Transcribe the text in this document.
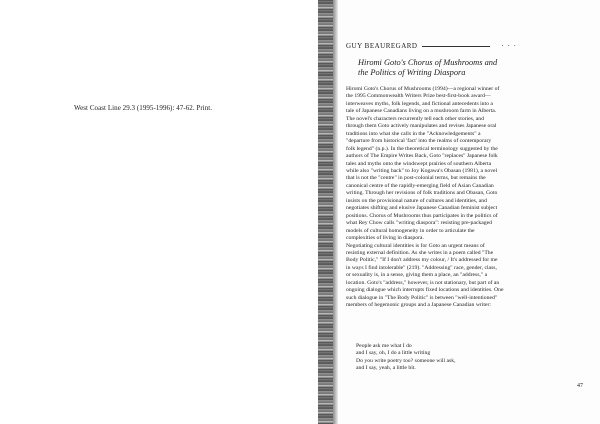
West Coast Line 29.3 (1995-1996): 47-62. Print.
GUY BEAUREGARD	· · ·
Hiromi Goto's Chorus of Mushrooms and
the Politics of Writing Diaspora
Hiromi Goto's Chorus of Mushrooms (1994)—a regional winner of
the 1995 Commonwealth Writers Prize best-first-book award—
interweaves myths, folk legends, and fictional antecedents into a
tale of Japanese Canadians living on a mushroom farm in Alberta.
The novel's characters recurrently tell each other stories, and
through them Goto actively manipulates and revises Japanese oral
traditions into what she calls in the "Acknowledgements" a
"departure from historical 'fact' into the realms of contemporary
folk legend" (n.p.). In the theoretical terminology suggested by the
authors of The Empire Writes Back, Goto "replaces" Japanese folk
tales and myths onto the windswept prairies of southern Alberta
while also "writing back" to Joy Kogawa's Obasan (1981), a novel
that is not the "centre" in post-colonial terms, but remains the
canonical centre of the rapidly-emerging field of Asian Canadian
writing. Through her revisions of folk traditions and Obasan, Goto
insists on the provisional nature of cultures and identities, and
negotiates shifting and elusive Japanese Canadian feminist subject
positions. Chorus of Mushrooms thus participates in the politics of
what Rey Chow calls "writing diaspora": resisting pre-packaged
models of cultural homogeneity in order to articulate the
complexities of living in diaspora.
Negotiating cultural identities is for Goto an urgent means of
resisting external definition. As she writes in a poem called "The
Body Politic," "If I don't address my colour, / It's addressed for me
in ways I find intolerable" (219). "Addressing" race, gender, class,
or sexuality is, in a sense, giving them a place, an "address," a
location. Goto's "address," however, is not stationary, but part of an
ongoing dialogue which interrupts fixed locations and identities. One
such dialogue in "The Body Politic" is between "well-intentioned"
members of hegemonic groups and a Japanese Canadian writer:
People ask me what I do
and I say, oh, I do a little writing
Do you write poetry too? someone will ask,
and I say, yeah, a little bit.
47
